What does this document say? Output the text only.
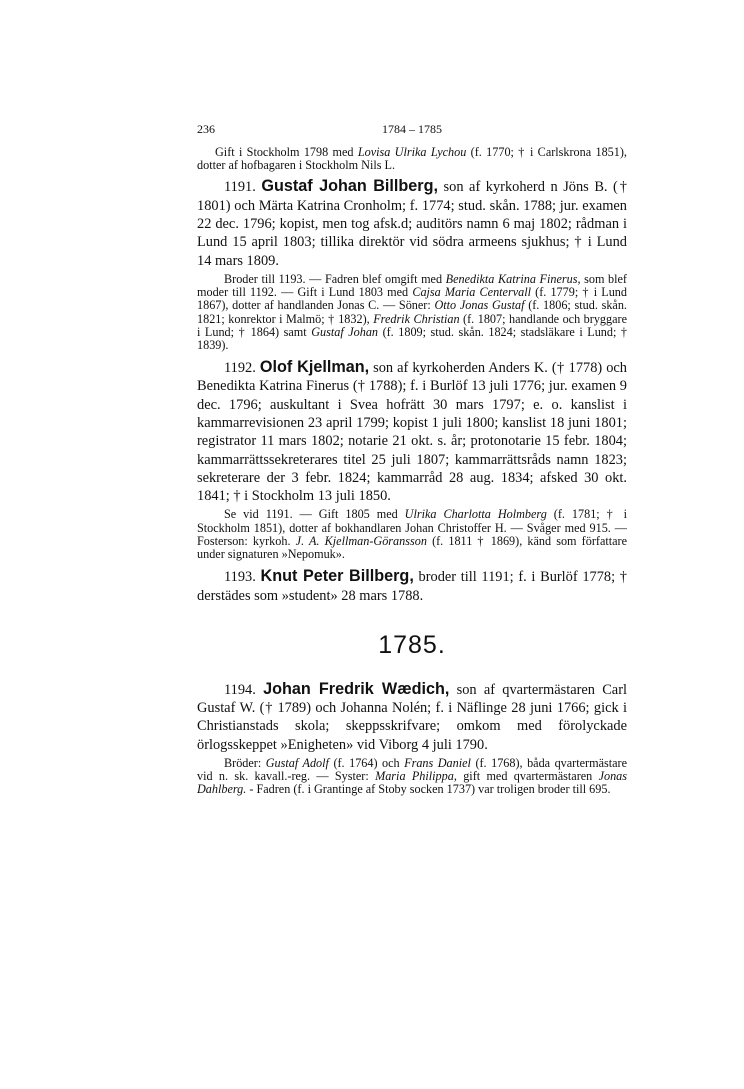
236	1784 – 1785

Gift i Stockholm 1798 med Lovisa Ulrika Lychou (f. 1770; † i Carlskrona 1851), dotter af hofbagaren i Stockholm Nils L.

1191. Gustaf Johan Billberg, son af kyrkoherd n Jöns B. († 1801) och Märta Katrina Cronholm; f. 1774; stud. skån. 1788; jur. examen 22 dec. 1796; kopist, men tog afsk.d; auditörs namn 6 maj 1802; rådman i Lund 15 april 1803; tillika direktör vid södra armeens sjukhus; † i Lund 14 mars 1809.

Broder till 1193. — Fadren blef omgift med Benedikta Katrina Finerus, som blef moder till 1192. — Gift i Lund 1803 med Cajsa Maria Centervall (f. 1779; † i Lund 1867), dotter af handlanden Jonas C. — Söner: Otto Jonas Gustaf (f. 1806; stud. skån. 1821; konrektor i Malmö; † 1832), Fredrik Christian (f. 1807; handlande och bryggare i Lund; † 1864) samt Gustaf Johan (f. 1809; stud. skån. 1824; stadsläkare i Lund; † 1839).

1192. Olof Kjellman, son af kyrkoherden Anders K. († 1778) och Benedikta Katrina Finerus († 1788); f. i Burlöf 13 juli 1776; jur. examen 9 dec. 1796; auskultant i Svea hofrätt 30 mars 1797; e. o. kanslist i kammarrevisionen 23 april 1799; kopist 1 juli 1800; kanslist 18 juni 1801; registrator 11 mars 1802; notarie 21 okt. s. år; protonotarie 15 febr. 1804; kammarrättssekreterares titel 25 juli 1807; kammarrättsråds namn 1823; sekreterare der 3 febr. 1824; kammarråd 28 aug. 1834; afsked 30 okt. 1841; † i Stockholm 13 juli 1850.

Se vid 1191. — Gift 1805 med Ulrika Charlotta Holmberg (f. 1781; † i Stockholm 1851), dotter af bokhandlaren Johan Christoffer H. — Svåger med 915. — Fosterson: kyrkoh. J. A. Kjellman-Göransson (f. 1811 † 1869), känd som författare under signaturen »Nepomuk».

1193. Knut Peter Billberg, broder till 1191; f. i Burlöf 1778; † derstädes som »student» 28 mars 1788.

1785.

1194. Johan Fredrik Wædich, son af qvartermästaren Carl Gustaf W. († 1789) och Johanna Nolén; f. i Näflinge 28 juni 1766; gick i Christianstads skola; skeppsskrifvare; omkom med förolyckade örlogsskeppet »Enigheten» vid Viborg 4 juli 1790.

Bröder: Gustaf Adolf (f. 1764) och Frans Daniel (f. 1768), båda qvartermästare vid n. sk. kavall.-reg. — Syster: Maria Philippa, gift med qvartermästaren Jonas Dahlberg. - Fadren (f. i Grantinge af Stoby socken 1737) var troligen broder till 695.
